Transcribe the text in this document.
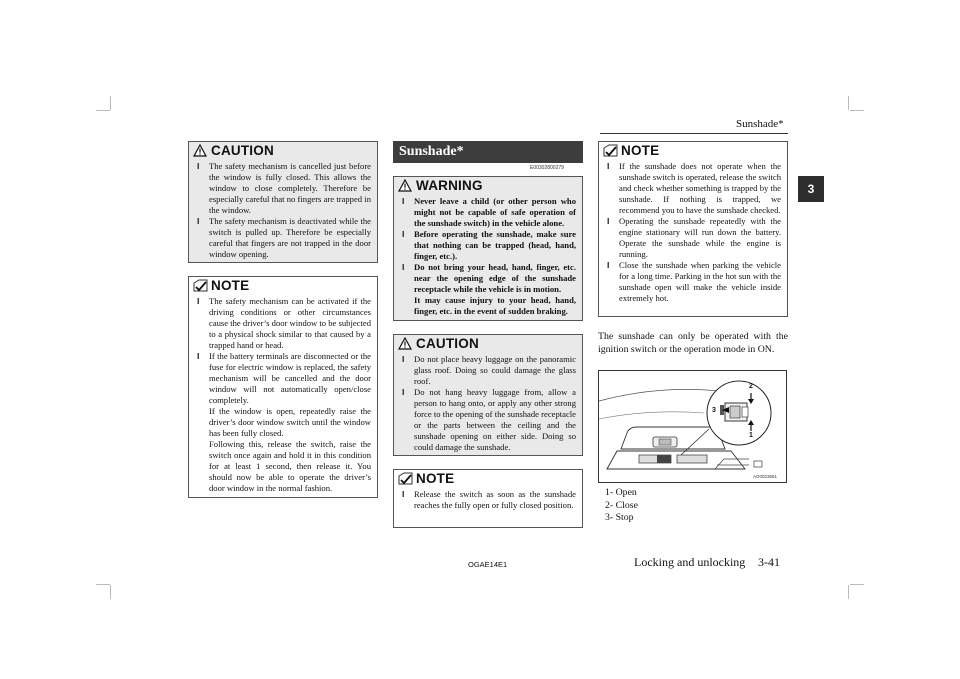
Sunshade*
3
CAUTION
l The safety mechanism is cancelled just before the window is fully closed. This allows the window to close completely. Therefore be especially careful that no fingers are trapped in the window.
l The safety mechanism is deactivated while the switch is pulled up. Therefore be especially careful that fingers are not trapped in the door window opening.
NOTE
l The safety mechanism can be activated if the driving conditions or other circumstances cause the driver’s door window to be subjected to a physical shock similar to that caused by a trapped hand or head.
l If the battery terminals are disconnected or the fuse for electric window is replaced, the safety mechanism will be cancelled and the door window will not automatically open/close completely.

If the window is open, repeatedly raise the driver’s door window switch until the window has been fully closed.

Following this, release the switch, raise the switch once again and hold it in this condition for at least 1 second, then release it. You should now be able to operate the driver’s door window in the normal fashion.

Sunshade*
E00302800279
WARNING
l Never leave a child (or other person who might not be capable of safe operation of the sunshade switch) in the vehicle alone.
l Before operating the sunshade, make sure that nothing can be trapped (head, hand, finger, etc.).
l Do not bring your head, hand, finger, etc. near the opening edge of the sunshade receptacle while the vehicle is in motion.

It may cause injury to your head, hand, finger, etc. in the event of sudden braking.

CAUTION
l Do not place heavy luggage on the panoramic glass roof. Doing so could damage the glass roof.
l Do not hang heavy luggage from, allow a person to hang onto, or apply any other strong force to the opening of the sunshade receptacle or the parts between the ceiling and the sunshade opening on either side. Doing so could damage the sunshade.
NOTE
l Release the switch as soon as the sunshade reaches the fully open or fully closed position.
NOTE
l If the sunshade does not operate when the sunshade switch is operated, release the switch and check whether something is trapped by the sunshade. If nothing is trapped, we recommend you to have the sunshade checked.
l Operating the sunshade repeatedly with the engine stationary will run down the battery. Operate the sunshade while the engine is running.
l Close the sunshade when parking the vehicle for a long time. Parking in the hot sun with the sunshade open will make the vehicle inside extremely hot.
The sunshade can only be operated with the ignition switch or the operation mode in ON.
2
3
1
AG0023651
1- Open
2- Close
3- Stop
OGAE14E1	Locking and unlocking 3-41
